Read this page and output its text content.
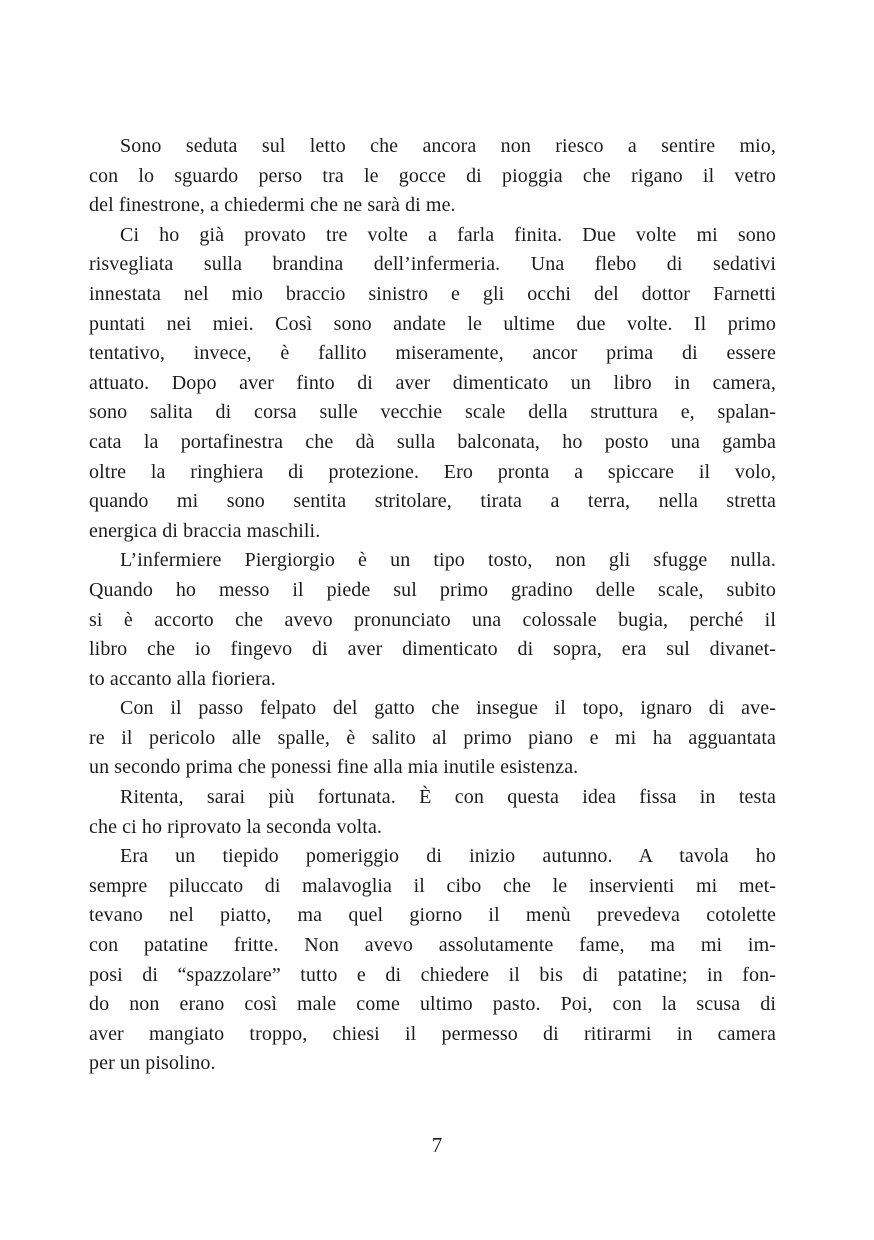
Sono seduta sul letto che ancora non riesco a sentire mio,
con lo sguardo perso tra le gocce di pioggia che rigano il vetro
del finestrone, a chiedermi che ne sarà di me.
Ci ho già provato tre volte a farla finita. Due volte mi sono
risvegliata sulla brandina dell’infermeria. Una flebo di sedativi
innestata nel mio braccio sinistro e gli occhi del dottor Farnetti
puntati nei miei. Così sono andate le ultime due volte. Il primo
tentativo, invece, è fallito miseramente, ancor prima di essere
attuato. Dopo aver finto di aver dimenticato un libro in camera,
sono salita di corsa sulle vecchie scale della struttura e, spalan-
cata la portafinestra che dà sulla balconata, ho posto una gamba
oltre la ringhiera di protezione. Ero pronta a spiccare il volo,
quando mi sono sentita stritolare, tirata a terra, nella stretta
energica di braccia maschili.
L’infermiere Piergiorgio è un tipo tosto, non gli sfugge nulla.
Quando ho messo il piede sul primo gradino delle scale, subito
si è accorto che avevo pronunciato una colossale bugia, perché il
libro che io fingevo di aver dimenticato di sopra, era sul divanet-
to accanto alla fioriera.
Con il passo felpato del gatto che insegue il topo, ignaro di ave-
re il pericolo alle spalle, è salito al primo piano e mi ha agguantata
un secondo prima che ponessi fine alla mia inutile esistenza.
Ritenta, sarai più fortunata. È con questa idea fissa in testa
che ci ho riprovato la seconda volta.
Era un tiepido pomeriggio di inizio autunno. A tavola ho
sempre piluccato di malavoglia il cibo che le inservienti mi met-
tevano nel piatto, ma quel giorno il menù prevedeva cotolette
con patatine fritte. Non avevo assolutamente fame, ma mi im-
posi di “spazzolare” tutto e di chiedere il bis di patatine; in fon-
do non erano così male come ultimo pasto. Poi, con la scusa di
aver mangiato troppo, chiesi il permesso di ritirarmi in camera
per un pisolino.
7
